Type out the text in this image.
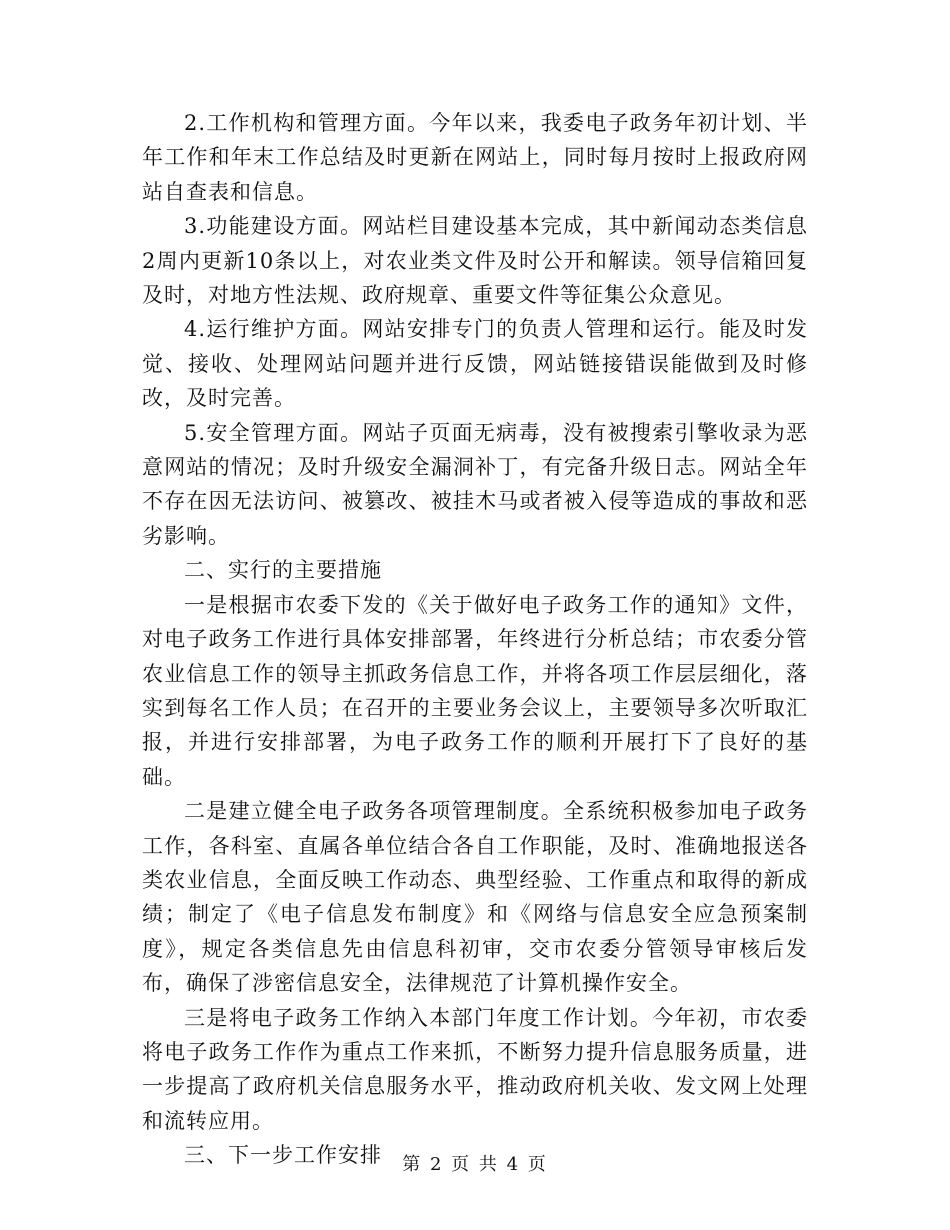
2.工作机构和管理方面。今年以来，我委电子政务年初计划、半年工作和年末工作总结及时更新在网站上，同时每月按时上报政府网站自查表和信息。

3.功能建设方面。网站栏目建设基本完成，其中新闻动态类信息2周内更新10条以上，对农业类文件及时公开和解读。领导信箱回复及时，对地方性法规、政府规章、重要文件等征集公众意见。

4.运行维护方面。网站安排专门的负责人管理和运行。能及时发觉、接收、处理网站问题并进行反馈，网站链接错误能做到及时修改，及时完善。

5.安全管理方面。网站子页面无病毒，没有被搜索引擎收录为恶意网站的情况；及时升级安全漏洞补丁，有完备升级日志。网站全年不存在因无法访问、被篡改、被挂木马或者被入侵等造成的事故和恶劣影响。

二、实行的主要措施

一是根据市农委下发的《关于做好电子政务工作的通知》文件，对电子政务工作进行具体安排部署，年终进行分析总结；市农委分管农业信息工作的领导主抓政务信息工作，并将各项工作层层细化，落实到每名工作人员；在召开的主要业务会议上，主要领导多次听取汇报，并进行安排部署，为电子政务工作的顺利开展打下了良好的基础。

二是建立健全电子政务各项管理制度。全系统积极参加电子政务工作，各科室、直属各单位结合各自工作职能，及时、准确地报送各类农业信息，全面反映工作动态、典型经验、工作重点和取得的新成绩；制定了《电子信息发布制度》和《网络与信息安全应急预案制度》，规定各类信息先由信息科初审，交市农委分管领导审核后发布，确保了涉密信息安全，法律规范了计算机操作安全。

三是将电子政务工作纳入本部门年度工作计划。今年初，市农委将电子政务工作作为重点工作来抓，不断努力提升信息服务质量，进一步提高了政府机关信息服务水平，推动政府机关收、发文网上处理和流转应用。

三、下一步工作安排	第 2 页 共 4 页
